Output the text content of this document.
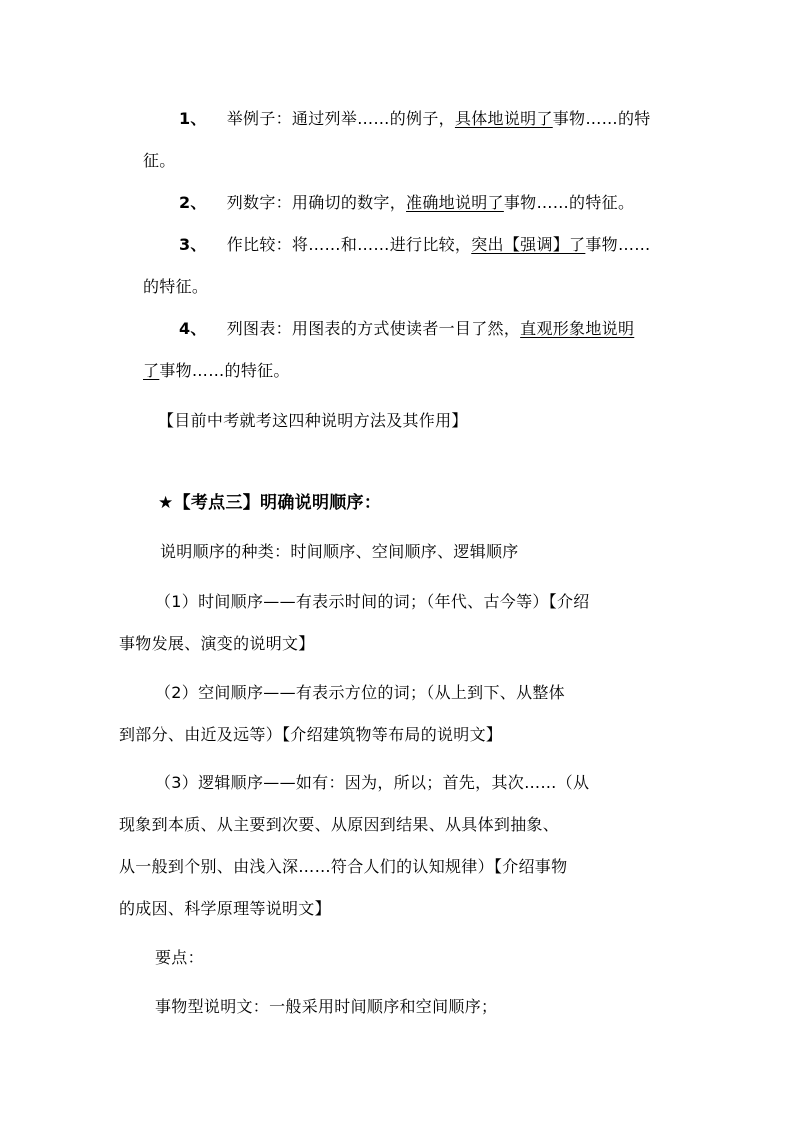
1、 举例子：通过列举……的例子，具体地说明了事物……的特
征。
2、 列数字：用确切的数字，准确地说明了事物……的特征。
3、 作比较：将……和……进行比较，突出【强调】了事物……
的特征。
4、 列图表：用图表的方式使读者一目了然，直观形象地说明
了事物……的特征。
【目前中考就考这四种说明方法及其作用】
★【考点三】明确说明顺序：
说明顺序的种类：时间顺序、空间顺序、逻辑顺序
（1）时间顺序——有表示时间的词；（年代、古今等）【介绍
事物发展、演变的说明文】
（2）空间顺序——有表示方位的词；（从上到下、从整体
到部分、由近及远等）【介绍建筑物等布局的说明文】
（3）逻辑顺序——如有：因为，所以；首先，其次……（从
现象到本质、从主要到次要、从原因到结果、从具体到抽象、
从一般到个别、由浅入深……符合人们的认知规律）【介绍事物
的成因、科学原理等说明文】
要点：
事物型说明文：一般采用时间顺序和空间顺序；
